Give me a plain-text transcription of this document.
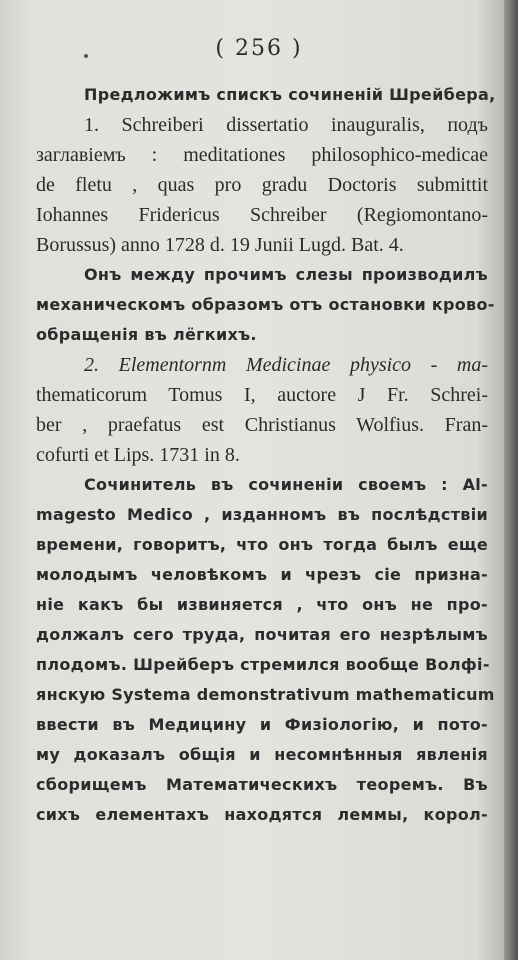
( 256 )
Предложимъ спискъ сочиненій Шрейбера,
1. Schreiberi dissertatio inauguralis, подъ
заглавіемъ : meditationes philosophico-medicae
de fletu , quas pro gradu Doctoris submittit
Iohannes Fridericus Schreiber (Regiomontano-
Borussus) anno 1728 d. 19 Junii Lugd. Bat. 4.
Онъ между прочимъ слезы производилъ
механическомъ образомъ отъ остановки крово-
обращенія въ лёгкихъ.
2. Elementornm Medicinae physico - ma-
thematicorum Tomus I, auctore J Fr. Schrei-
ber , praefatus est Christianus Wolfius. Fran-
cofurti et Lips. 1731 in 8.
Сочинитель въ сочиненіи своемъ : Al-
magesto Medico , изданномъ въ послѣдствіи
времени, говоритъ, что онъ тогда былъ еще
молодымъ человѣкомъ и чрезъ сіе призна-
ніе какъ бы извиняется , что онъ не про-
должалъ сего труда, почитая его незрѣлымъ
плодомъ. Шрейберъ стремился вообще Волфі-
янскую Systema demonstrativum mathematicum
ввести въ Медицину и Физіологію, и пото-
му доказалъ общія и несомнѣнныя явленія
сборищемъ Математическихъ теоремъ. Въ
сихъ елементахъ находятся леммы, корол-
